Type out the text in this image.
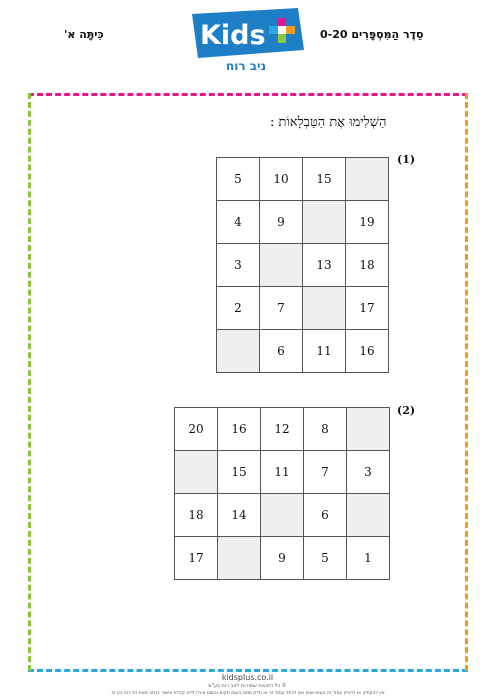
כִּיתָּה א'	Kids
ניב רוח
סֵדֶר הַמִּסְפָּרִים 0-20
הַשְׁלִימוּ אֶת הַטַּבְלָאוֹת :
(1)
5	10	15	
4	9		19
3		13	18
2	7		17
	6	11	16
(2)
20	16	12	8	
	15	11	7	3
18	14		6	
17		9	5	1
kidsplus.co.il
© כל הזכויות שמורות לניב רוח בע"מ
אין להעתיק או להפיץ עמוד זה בשום אופן ואין לכפל עמוד זה או חלק ממנו בשום מקום ובשום צורה ללא קבלת אישור בכתב מאת ניב רוח בע"מ.
